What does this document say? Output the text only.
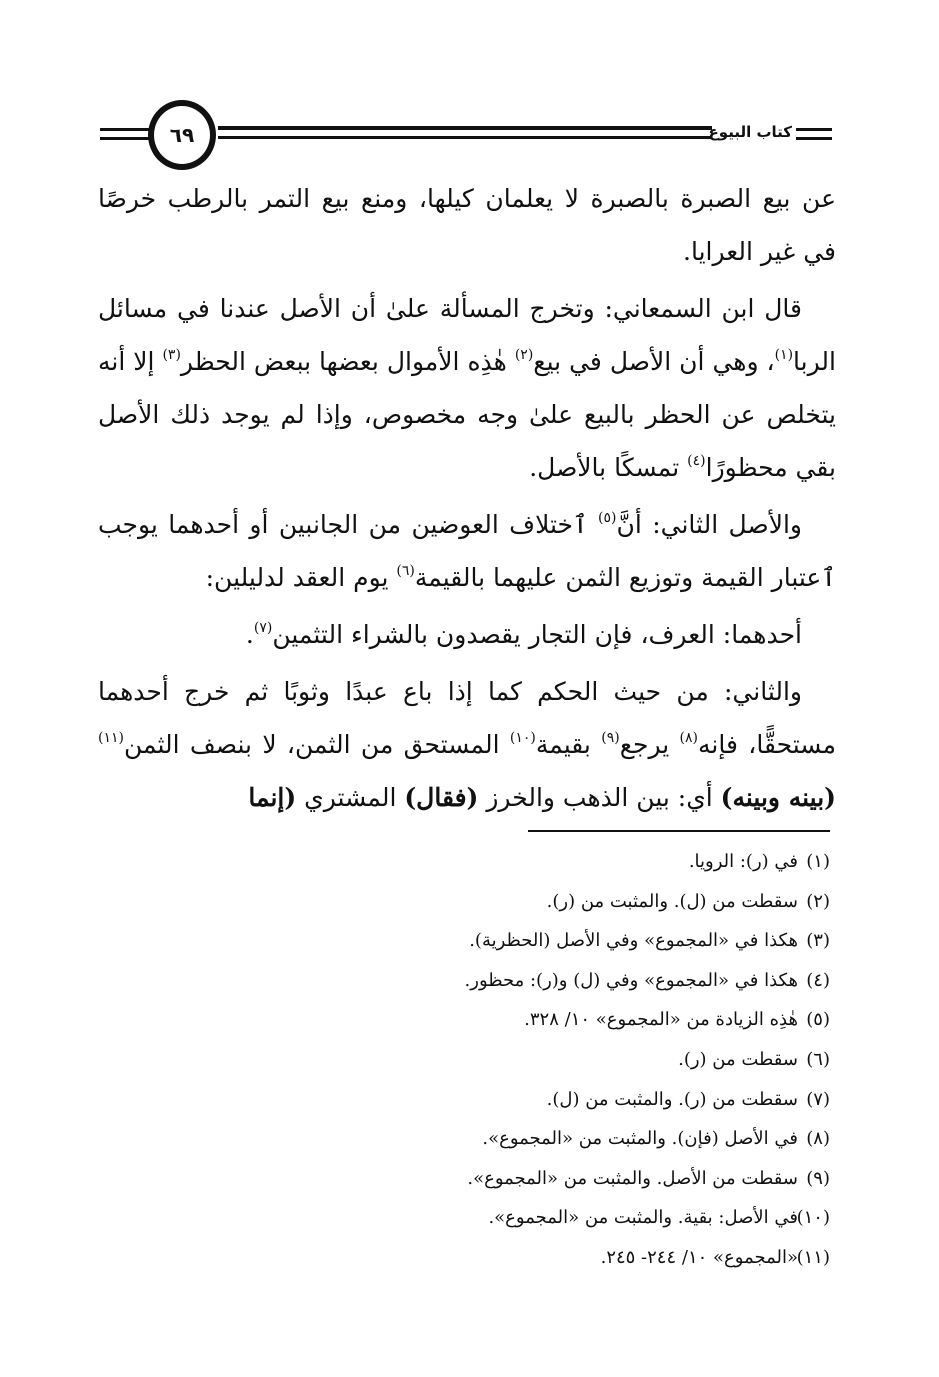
٦٩	كتاب البيوع

عن بيع الصبرة بالصبرة لا يعلمان كيلها، ومنع بيع التمر بالرطب خرصًا في غير العرايا.

قال ابن السمعاني: وتخرج المسألة علىٰ أن الأصل عندنا في مسائل الربا$^{(١)}$، وهي أن الأصل في بيع$^{(٢)}$ هٰذِه الأموال بعضها ببعض الحظر$^{(٣)}$ إلا أنه يتخلص عن الحظر بالبيع علىٰ وجه مخصوص، وإذا لم يوجد ذلك الأصل بقي محظورًا$^{(٤)}$ تمسكًا بالأصل.

والأصل الثاني: أنَّ$^{(٥)}$ ٱختلاف العوضين من الجانبين أو أحدهما يوجب ٱعتبار القيمة وتوزيع الثمن عليهما بالقيمة$^{(٦)}$ يوم العقد لدليلين:

أحدهما: العرف، فإن التجار يقصدون بالشراء التثمين$^{(٧)}$.

والثاني: من حيث الحكم كما إذا باع عبدًا وثوبًا ثم خرج أحدهما مستحقًّا، فإنه$^{(٨)}$ يرجع$^{(٩)}$ بقيمة$^{(١٠)}$ المستحق من الثمن، لا بنصف الثمن$^{(١١)}$ (بينه وبينه) أي: بين الذهب والخرز (فقال) المشتري (إنما

(١)في (ر): الرويا.
(٢)سقطت من (ل). والمثبت من (ر).
(٣)هكذا في «المجموع» وفي الأصل (الحظرية).
(٤)هكذا في «المجموع» وفي (ل) و(ر): محظور.
(٥)هٰذِه الزيادة من «المجموع» ١٠/ ٣٢٨.
(٦)سقطت من (ر).
(٧)سقطت من (ر). والمثبت من (ل).
(٨)في الأصل (فإن). والمثبت من «المجموع».
(٩)سقطت من الأصل. والمثبت من «المجموع».
(١٠)في الأصل: بقية. والمثبت من «المجموع».
(١١)«المجموع» ١٠/ ٢٤٤- ٢٤٥.
